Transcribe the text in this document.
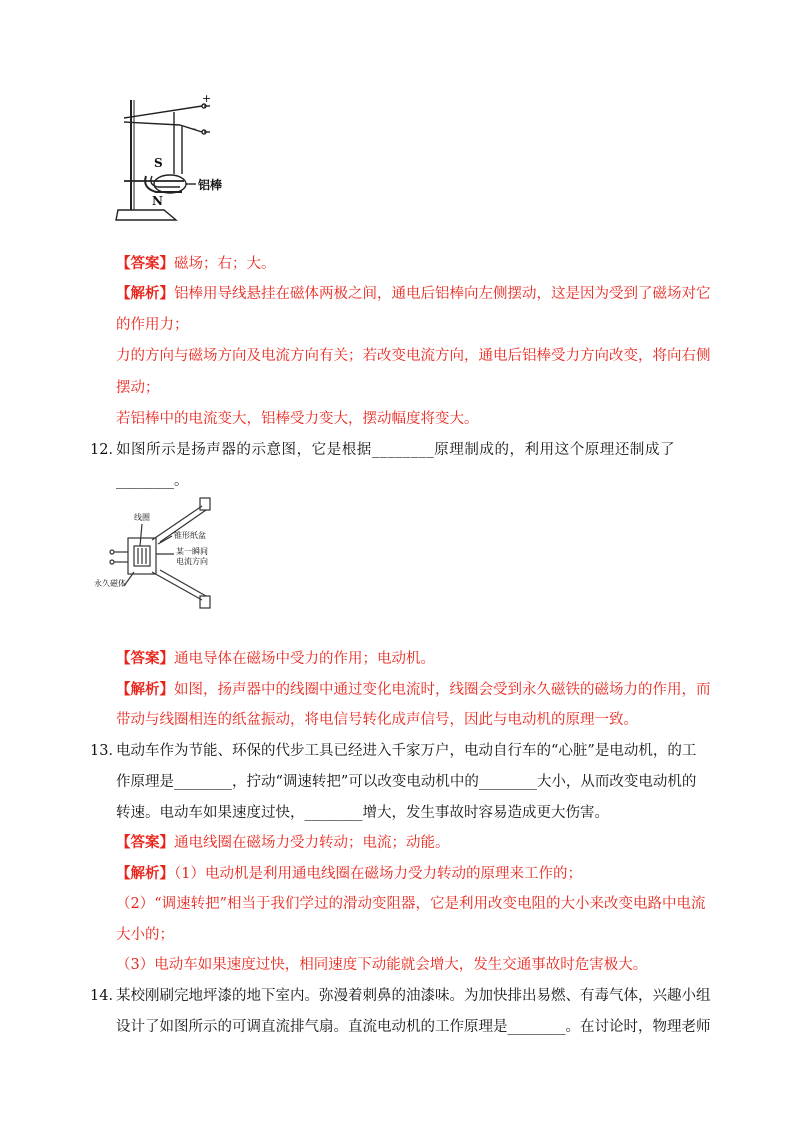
+
-
S
N
铝棒
【答案】磁场；右；大。
【解析】铝棒用导线悬挂在磁体两极之间，通电后铝棒向左侧摆动，这是因为受到了磁场对它
的作用力；
力的方向与磁场方向及电流方向有关；若改变电流方向，通电后铝棒受力方向改变，将向右侧
摆动；
若铝棒中的电流变大，铝棒受力变大，摆动幅度将变大。
12．
如图所示是扬声器的示意图，它是根据________原理制成的，利用这个原理还制成了
________。
线圈
锥形纸盆
某一瞬间
电流方向
永久磁体
【答案】通电导体在磁场中受力的作用；电动机。
【解析】如图，扬声器中的线圈中通过变化电流时，线圈会受到永久磁铁的磁场力的作用，而
带动与线圈相连的纸盆振动，将电信号转化成声信号，因此与电动机的原理一致。
13．
电动车作为节能、环保的代步工具已经进入千家万户，电动自行车的“心脏”是电动机，的工
作原理是________，拧动“调速转把”可以改变电动机中的________大小，从而改变电动机的
转速。电动车如果速度过快，________增大，发生事故时容易造成更大伤害。
【答案】通电线圈在磁场力受力转动；电流；动能。
【解析】（1）电动机是利用通电线圈在磁场力受力转动的原理来工作的；
（2）“调速转把”相当于我们学过的滑动变阻器，它是利用改变电阻的大小来改变电路中电流
大小的；
（3）电动车如果速度过快，相同速度下动能就会增大，发生交通事故时危害极大。
14．
某校刚刷完地坪漆的地下室内。弥漫着刺鼻的油漆味。为加快排出易燃、有毒气体，兴趣小组
设计了如图所示的可调直流排气扇。直流电动机的工作原理是________。在讨论时，物理老师
